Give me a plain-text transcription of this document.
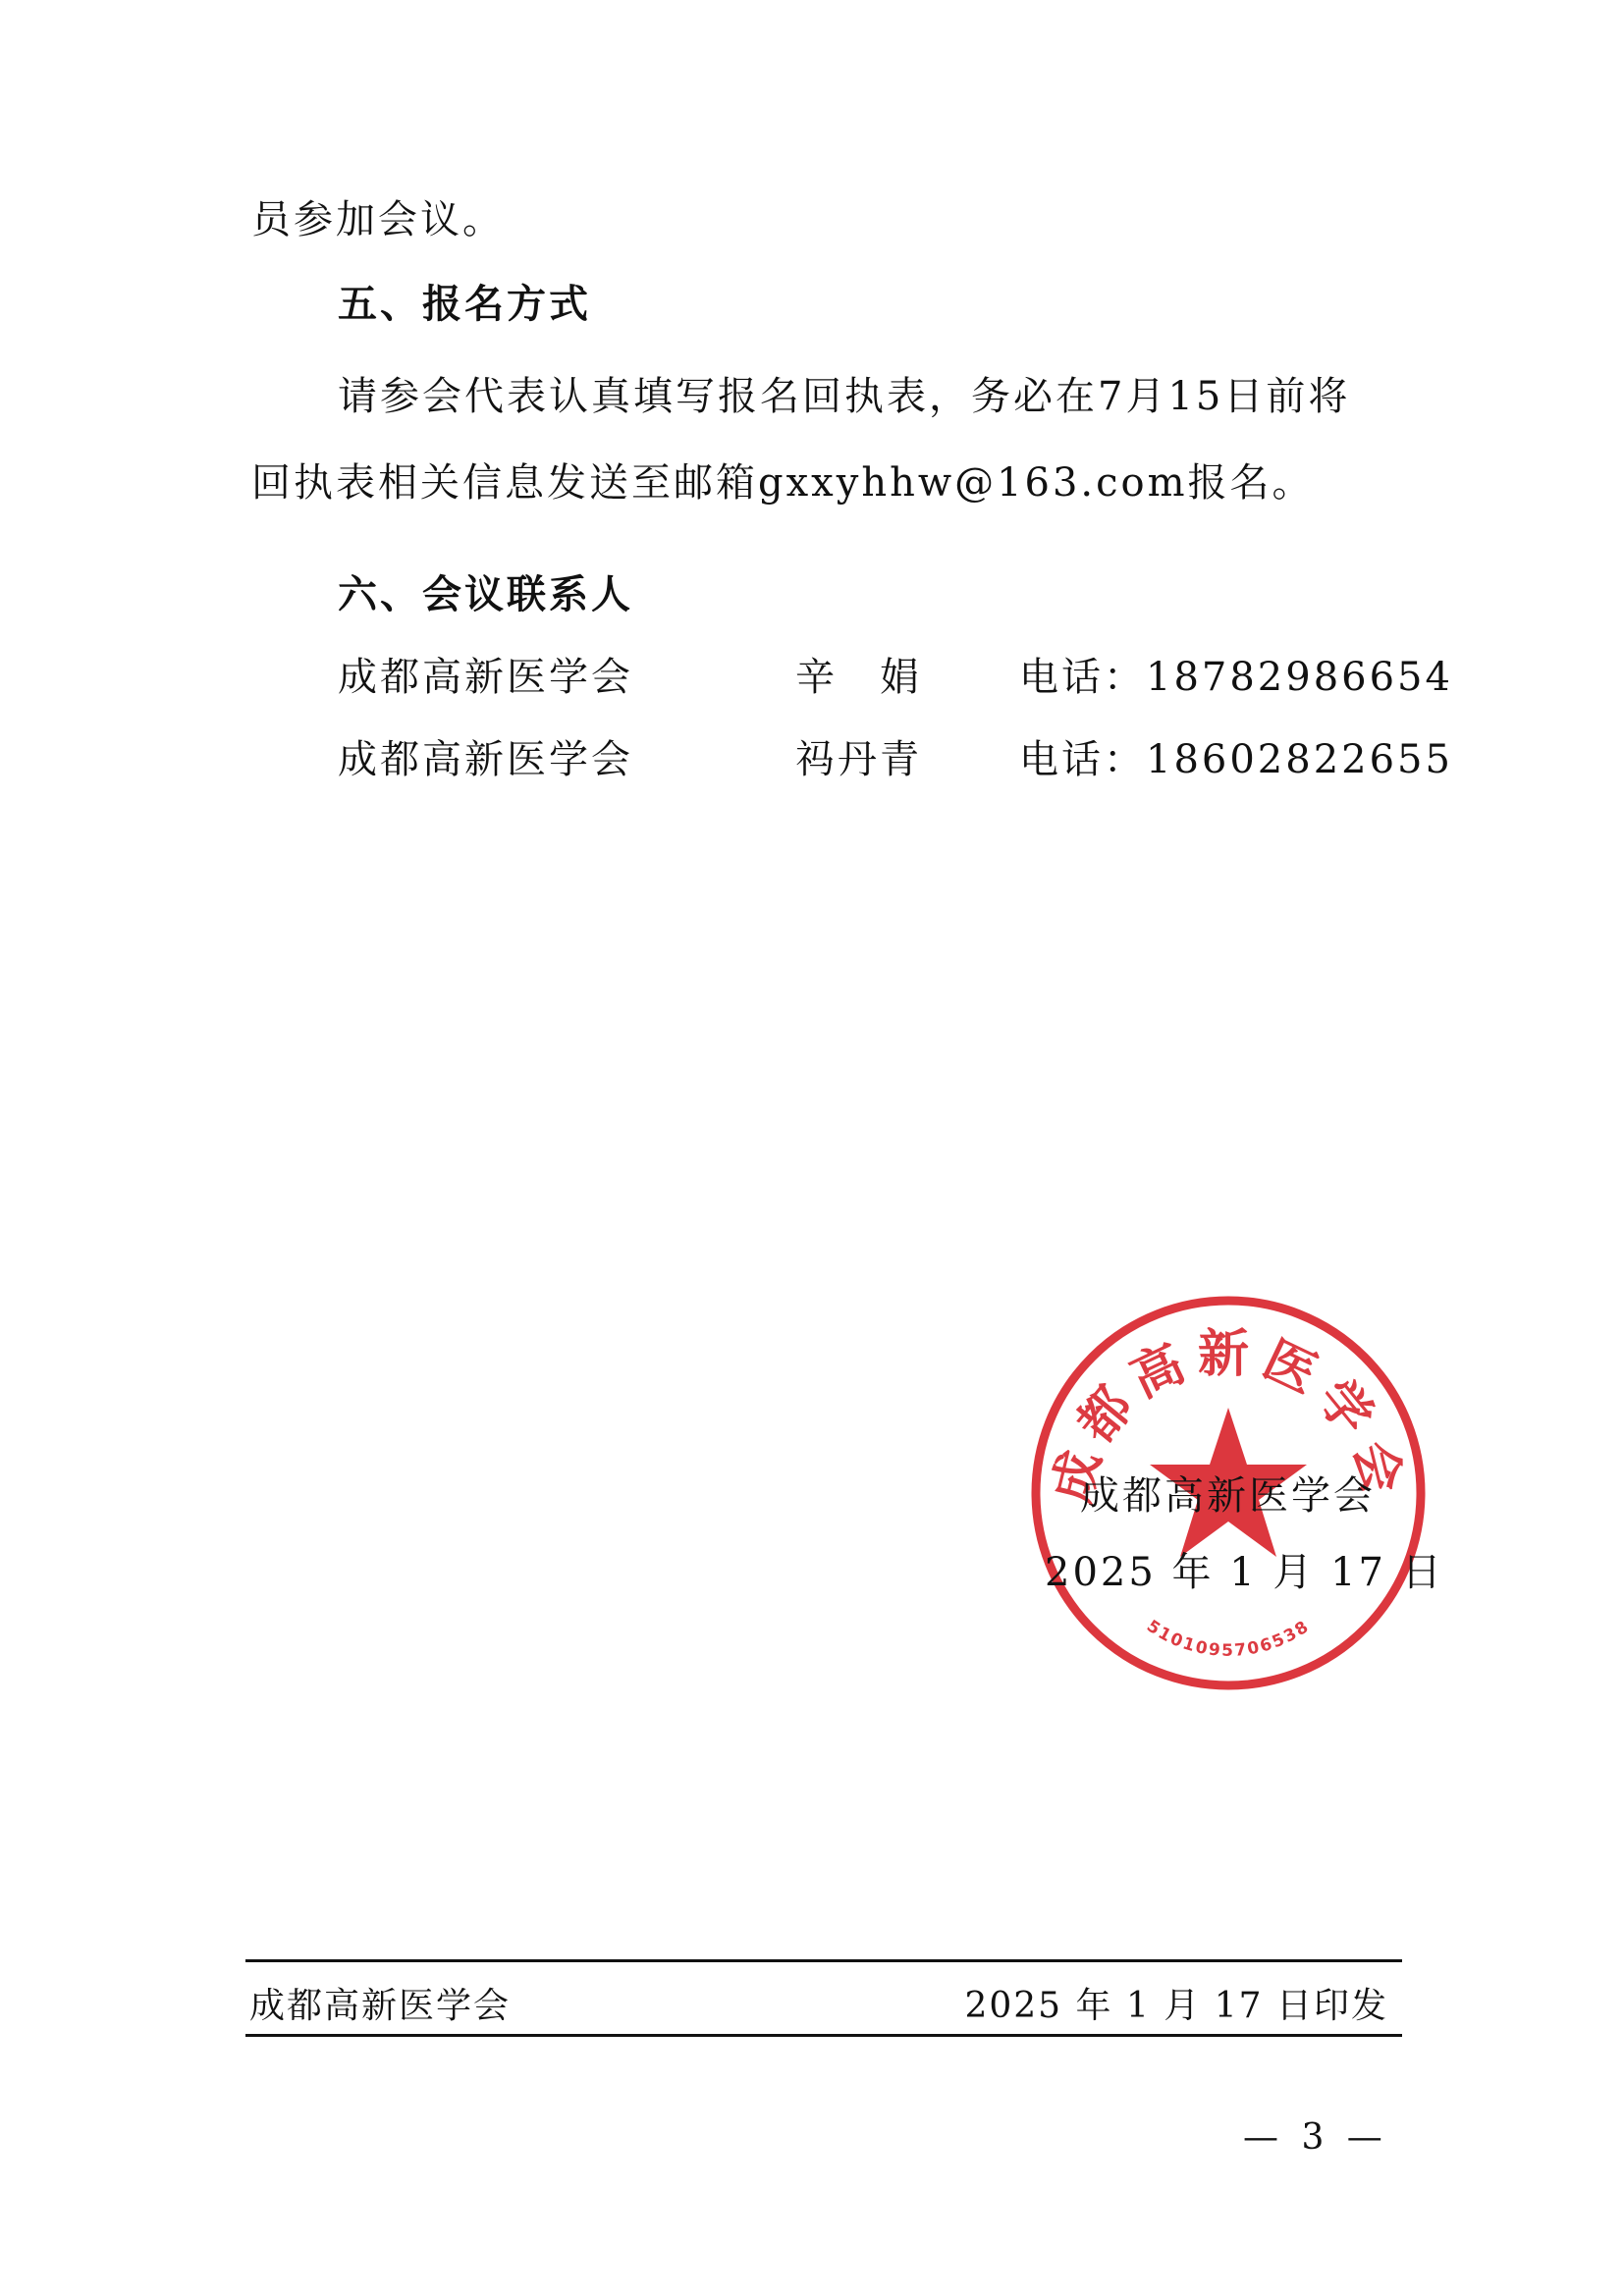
员参加会议。
五、报名方式
请参会代表认真填写报名回执表，务必在7月15日前将
回执表相关信息发送至邮箱gxxyhhw@163.com报名。
六、会议联系人
成都高新医学会	辛　娟 电话：18782986654
成都高新医学会	祃丹青 电话：18602822655
成都高新医学会
5101095706538
成都高新医学会
2025 年 1 月 17 日
成都高新医学会	2025 年 1 月 17 日印发
— 3 —
